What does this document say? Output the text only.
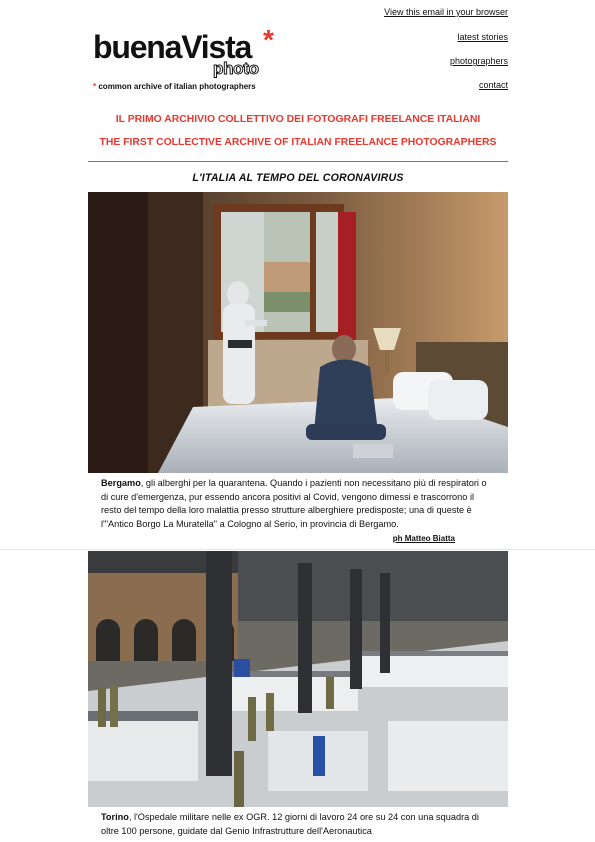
View this email in your browser
latest stories
photographers
contact
buenaVista *
photo
* common archive of italian photographers
IL PRIMO ARCHIVIO COLLETTIVO DEI FOTOGRAFI FREELANCE ITALIANI
THE FIRST COLLECTIVE ARCHIVE OF ITALIAN FREELANCE PHOTOGRAPHERS
L'ITALIA AL TEMPO DEL CORONAVIRUS

Bergamo, gli alberghi per la quarantena. Quando i pazienti non necessitano più di respiratori o di cure d'emergenza, pur essendo ancora positivi al Covid, vengono dimessi e trascorrono il resto del tempo della loro malattia presso strutture alberghiere predisposte; una di queste è l'"Antico Borgo La Muratella" a Cologno al Serio, in provincia di Bergamo.

ph Matteo Biatta

Torino, l'Ospedale militare nelle ex OGR. 12 giorni di lavoro 24 ore su 24 con una squadra di oltre 100 persone, guidate dal Genio Infrastrutture dell'Aeronautica
